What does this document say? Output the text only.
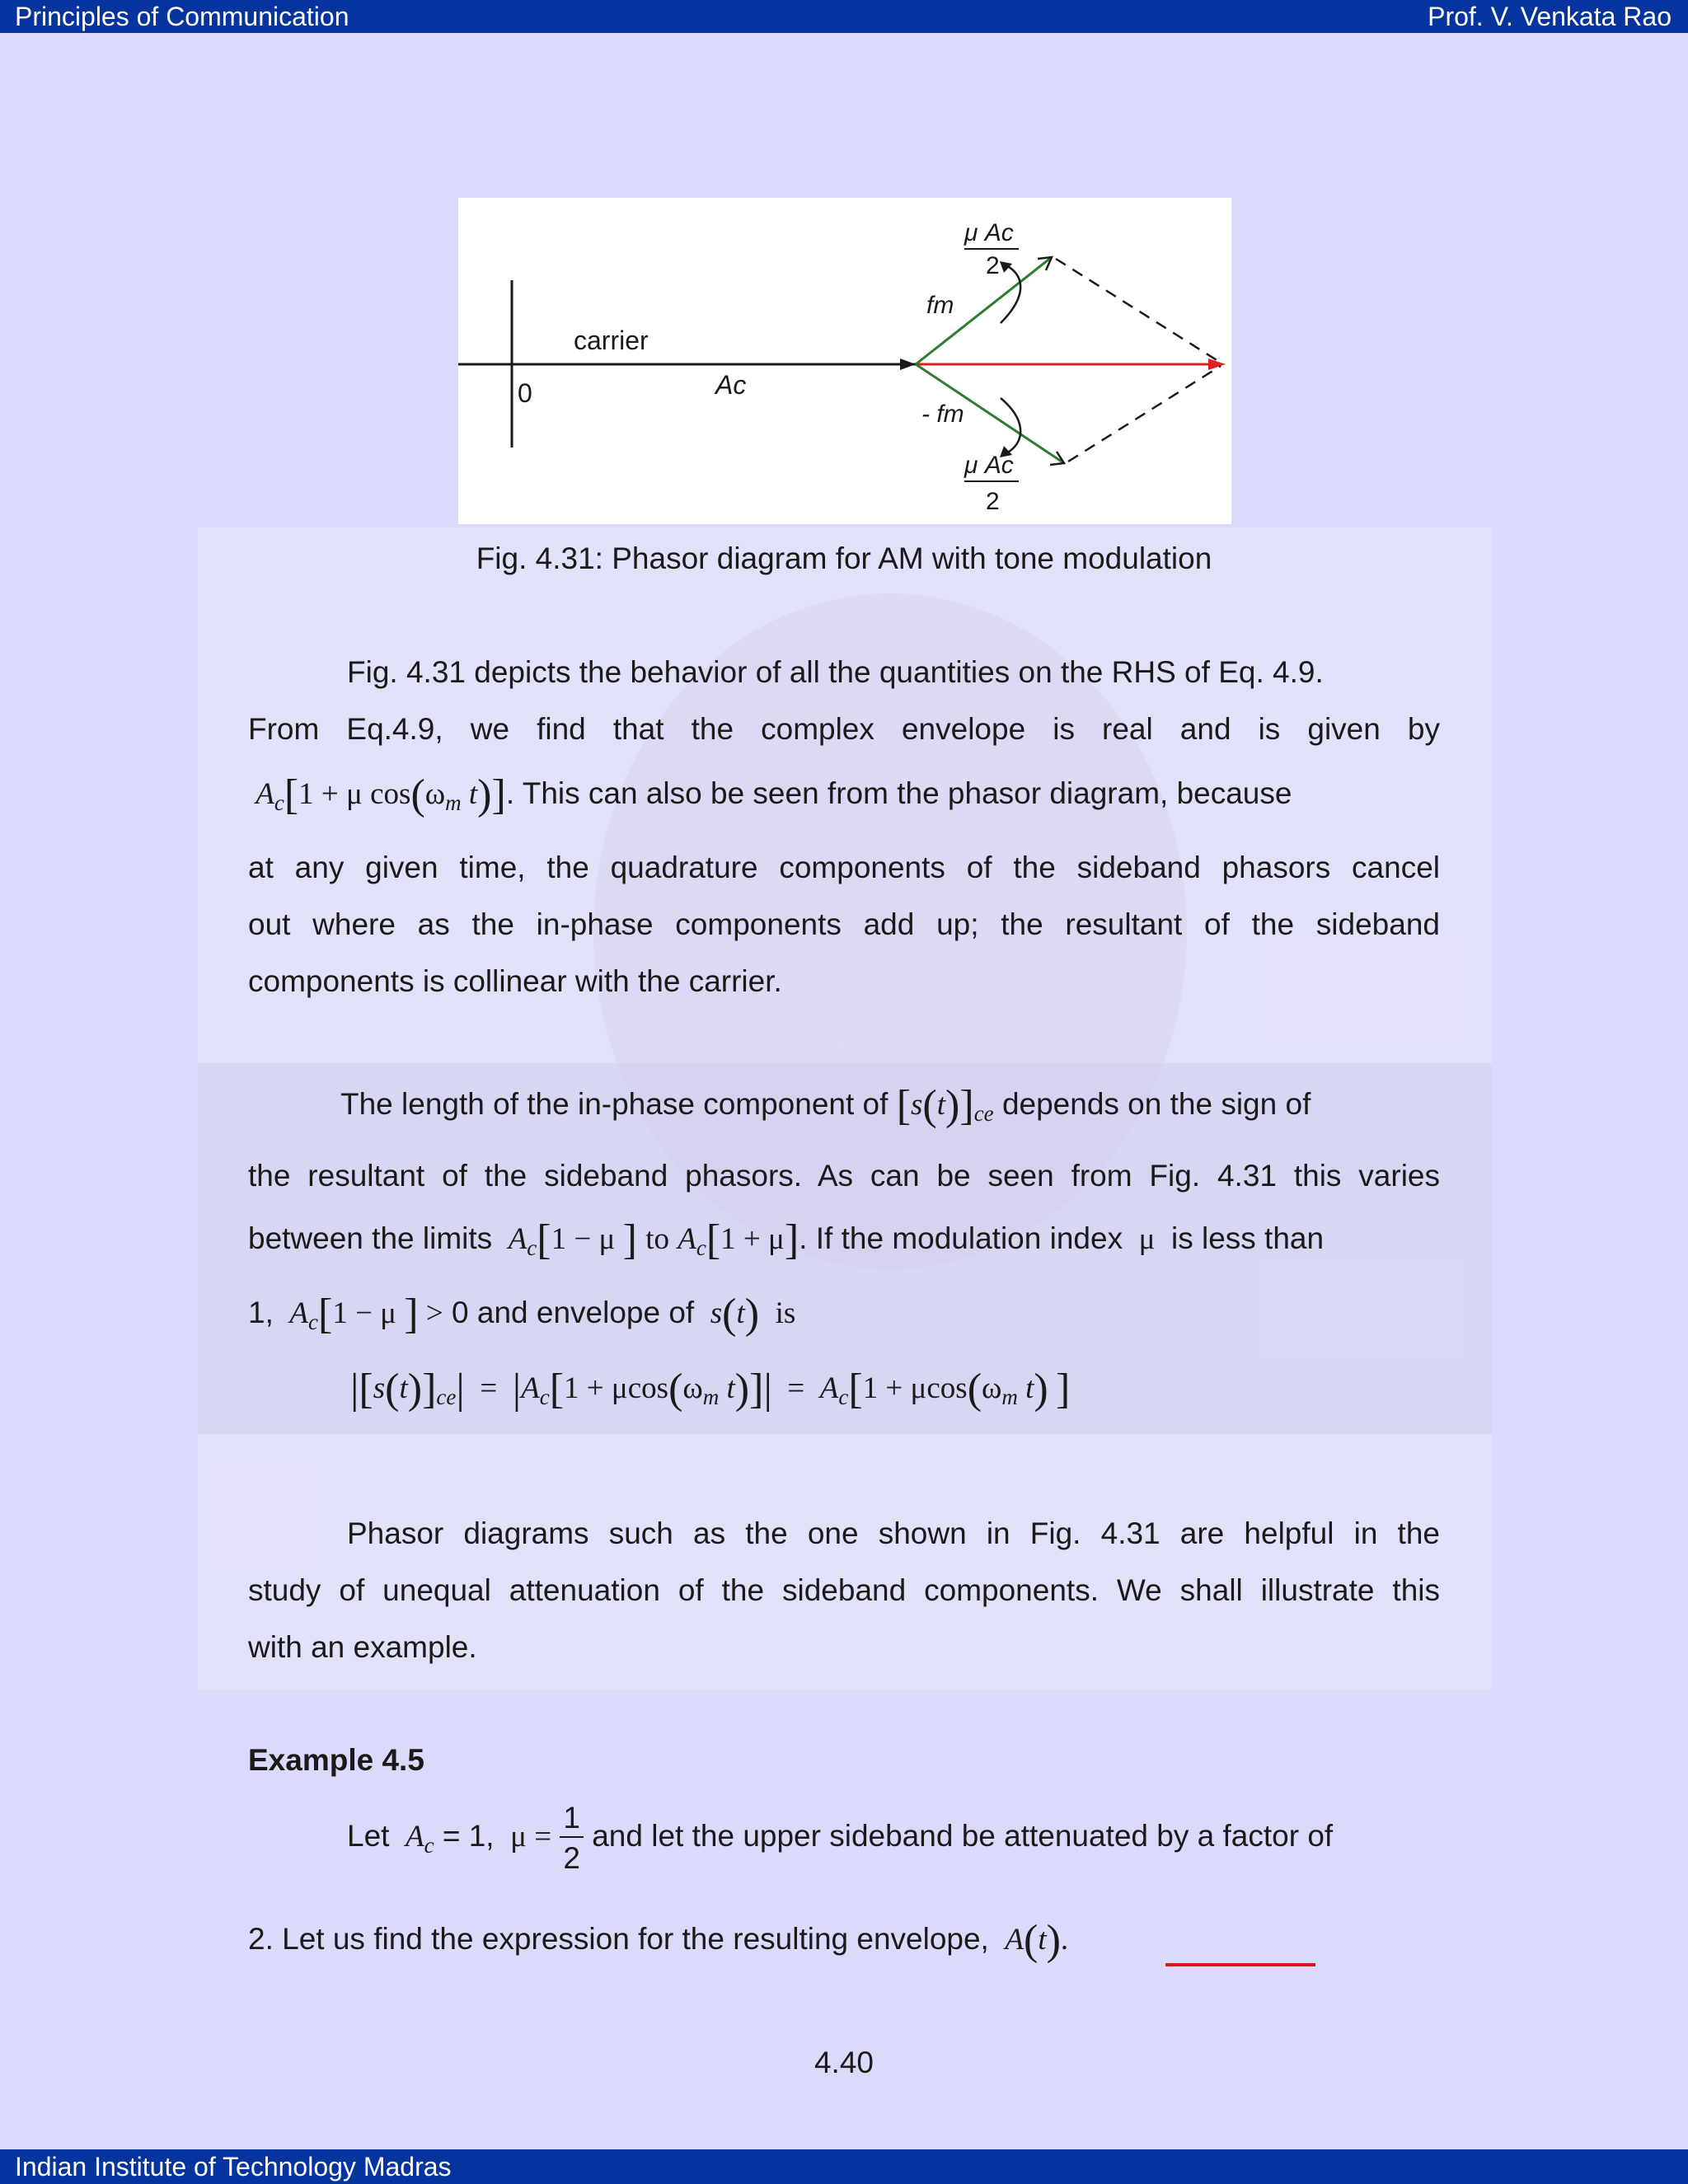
Principles of Communication	Prof. V. Venkata Rao
carrier
0	Ac
fm
- fm
μ Ac
2
μ Ac
2
Fig. 4.31: Phasor diagram for AM with tone modulation
Fig. 4.31 depicts the behavior of all the quantities on the RHS of Eq. 4.9.
From Eq.4.9, we find that the complex envelope is real and is given by
$A_c[1 + \mu$ $\cos(\omega_m$ t)]. This can also be seen from the phasor diagram, because
at any given time, the quadrature components of the sideband phasors cancel
out where as the in-phase components add up; the resultant of the sideband
components is collinear with the carrier.
The length of the in-phase component of $[s(t)]_{ce}$ depends on the sign of
the resultant of the sideband phasors. As can be seen from Fig. 4.31 this varies
between the limits $A_c[1 - \mu$ ] to $A_c[1 + \mu]$. If the modulation index  μ  is less than
1, $A_c[1 - \mu$ ] > 0 and envelope of s(t) is
$|[s(t)]_{ce}| = |A_c[1 + \mu\cos(\omega_m$ $t)]| = A_c[1 + \mu\cos(\omega_m$ t) ]
Phasor diagrams such as the one shown in Fig. 4.31 are helpful in the
study of unequal attenuation of the sideband components. We shall illustrate this
with an example.
Example 4.5
Let $A_c = 1$,  $\mu = \frac{1}{2}$ and let the upper sideband be attenuated by a factor of
2. Let us find the expression for the resulting envelope, A(t).
4.40
Indian Institute of Technology Madras
